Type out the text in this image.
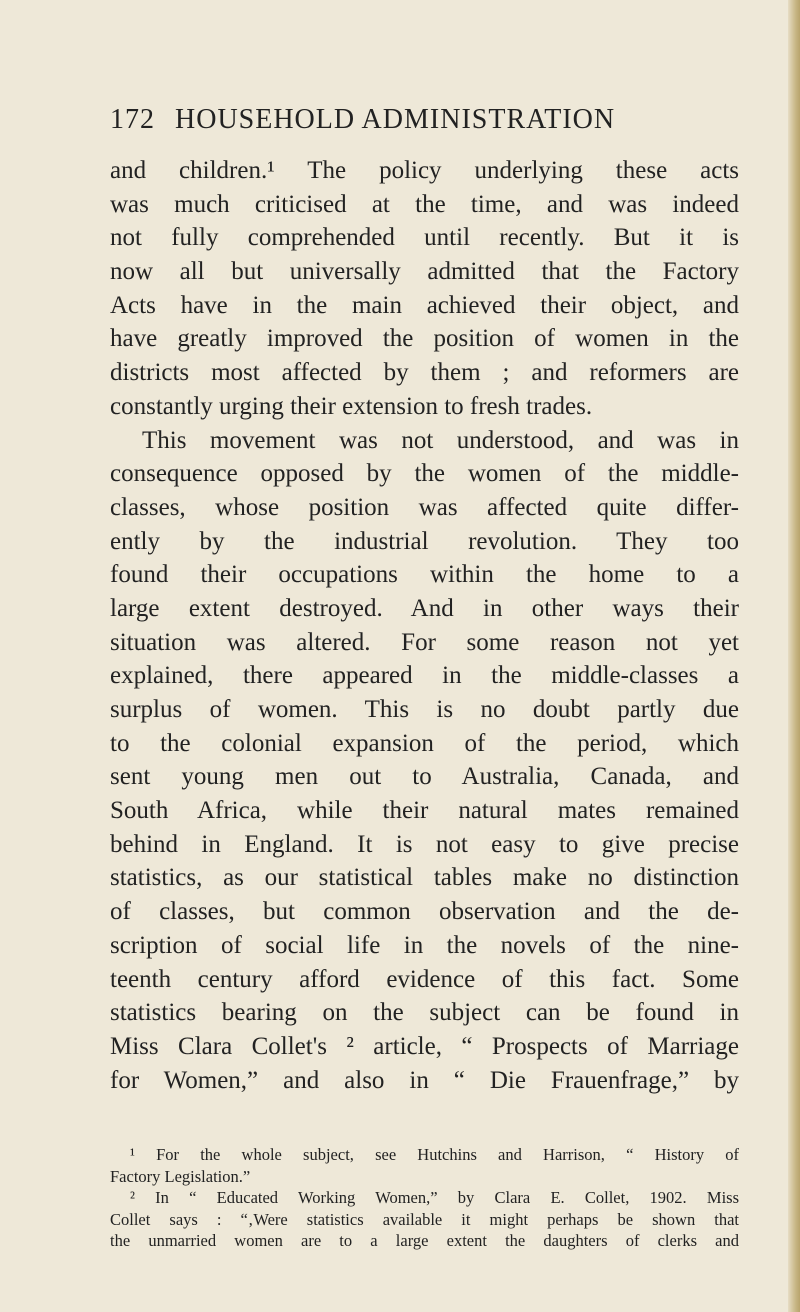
172 HOUSEHOLD ADMINISTRATION
and children.¹ The policy underlying these acts
was much criticised at the time, and was indeed
not fully comprehended until recently. But it is
now all but universally admitted that the Factory
Acts have in the main achieved their object, and
have greatly improved the position of women in the
districts most affected by them ; and reformers are
constantly urging their extension to fresh trades.
This movement was not understood, and was in
consequence opposed by the women of the middle-
classes, whose position was affected quite differ-
ently by the industrial revolution. They too
found their occupations within the home to a
large extent destroyed. And in other ways their
situation was altered. For some reason not yet
explained, there appeared in the middle-classes a
surplus of women. This is no doubt partly due
to the colonial expansion of the period, which
sent young men out to Australia, Canada, and
South Africa, while their natural mates remained
behind in England. It is not easy to give precise
statistics, as our statistical tables make no distinction
of classes, but common observation and the de-
scription of social life in the novels of the nine-
teenth century afford evidence of this fact. Some
statistics bearing on the subject can be found in
Miss Clara Collet's ² article, “ Prospects of Marriage
for Women,” and also in “ Die Frauenfrage,” by
¹ For the whole subject, see Hutchins and Harrison, “ History of
Factory Legislation.”
² In “ Educated Working Women,” by Clara E. Collet, 1902. Miss
Collet says : “‚Were statistics available it might perhaps be shown that
the unmarried women are to a large extent the daughters of clerks and
